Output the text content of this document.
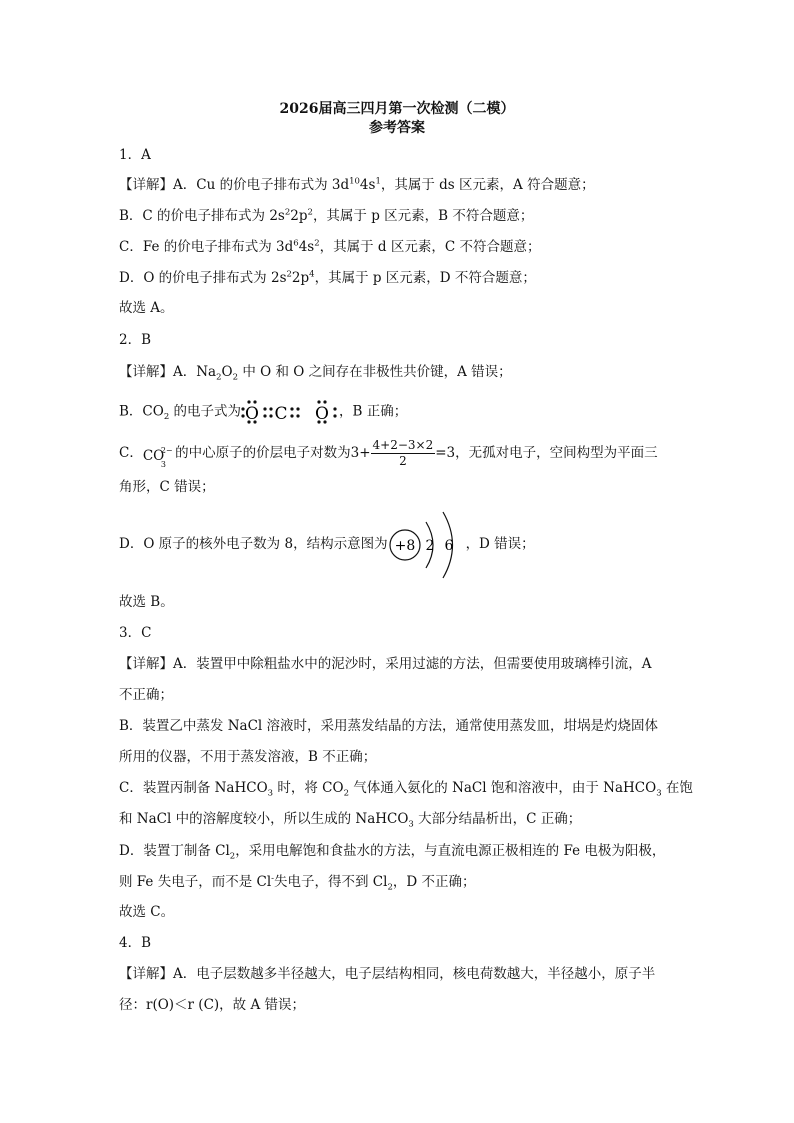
2026届高三四月第一次检测（二模）
参考答案
1．A
【详解】A．Cu 的价电子排布式为 $3d^{10}4s^1$，其属于 ds 区元素，A 符合题意；
B．C 的价电子排布式为 $2s^22p^2$，其属于 p 区元素，B 不符合题意；
C．Fe 的价电子排布式为 $3d^64s^2$，其属于 d 区元素，C 不符合题意；
D．O 的价电子排布式为 $2s^22p^4$，其属于 p 区元素，D 不符合题意；
故选 A。
2．B
【详解】A．$Na_2O_2$ 中 O 和 O 之间存在非极性共价键，A 错误；
B．$CO_2$ 的电子式为 O C O ，B 正确；
C． CO
2−
3
的中心原子的价层电子对数为$3+ \frac{4+2-3\times 2}{2} =3$，无孤对电子，空间构型为平面三
角形，C 错误；
D．O 原子的核外电子数为 8，结构示意图为 +8 2 6 ，D 错误；
故选 B。
3．C
【详解】A．装置甲中除粗盐水中的泥沙时，采用过滤的方法，但需要使用玻璃棒引流，A
不正确；
B．装置乙中蒸发 NaCl 溶液时，采用蒸发结晶的方法，通常使用蒸发皿，坩埚是灼烧固体
所用的仪器，不用于蒸发溶液，B 不正确；
C．装置丙制备 NaHCO$_3$ 时，将 $CO_2$ 气体通入氨化的 NaCl 饱和溶液中，由于 NaHCO$_3$ 在饱
和 NaCl 中的溶解度较小，所以生成的 NaHCO$_3$ 大部分结晶析出，C 正确；
D．装置丁制备 $Cl_2$，采用电解饱和食盐水的方法，与直流电源正极相连的 Fe 电极为阳极，
则 Fe 失电子，而不是 Cl-失电子，得不到 $Cl_2$，D 不正确；
故选 C。
4．B
【详解】A．电子层数越多半径越大，电子层结构相同，核电荷数越大，半径越小，原子半
径：r(O)＜r (C)，故 A 错误；
